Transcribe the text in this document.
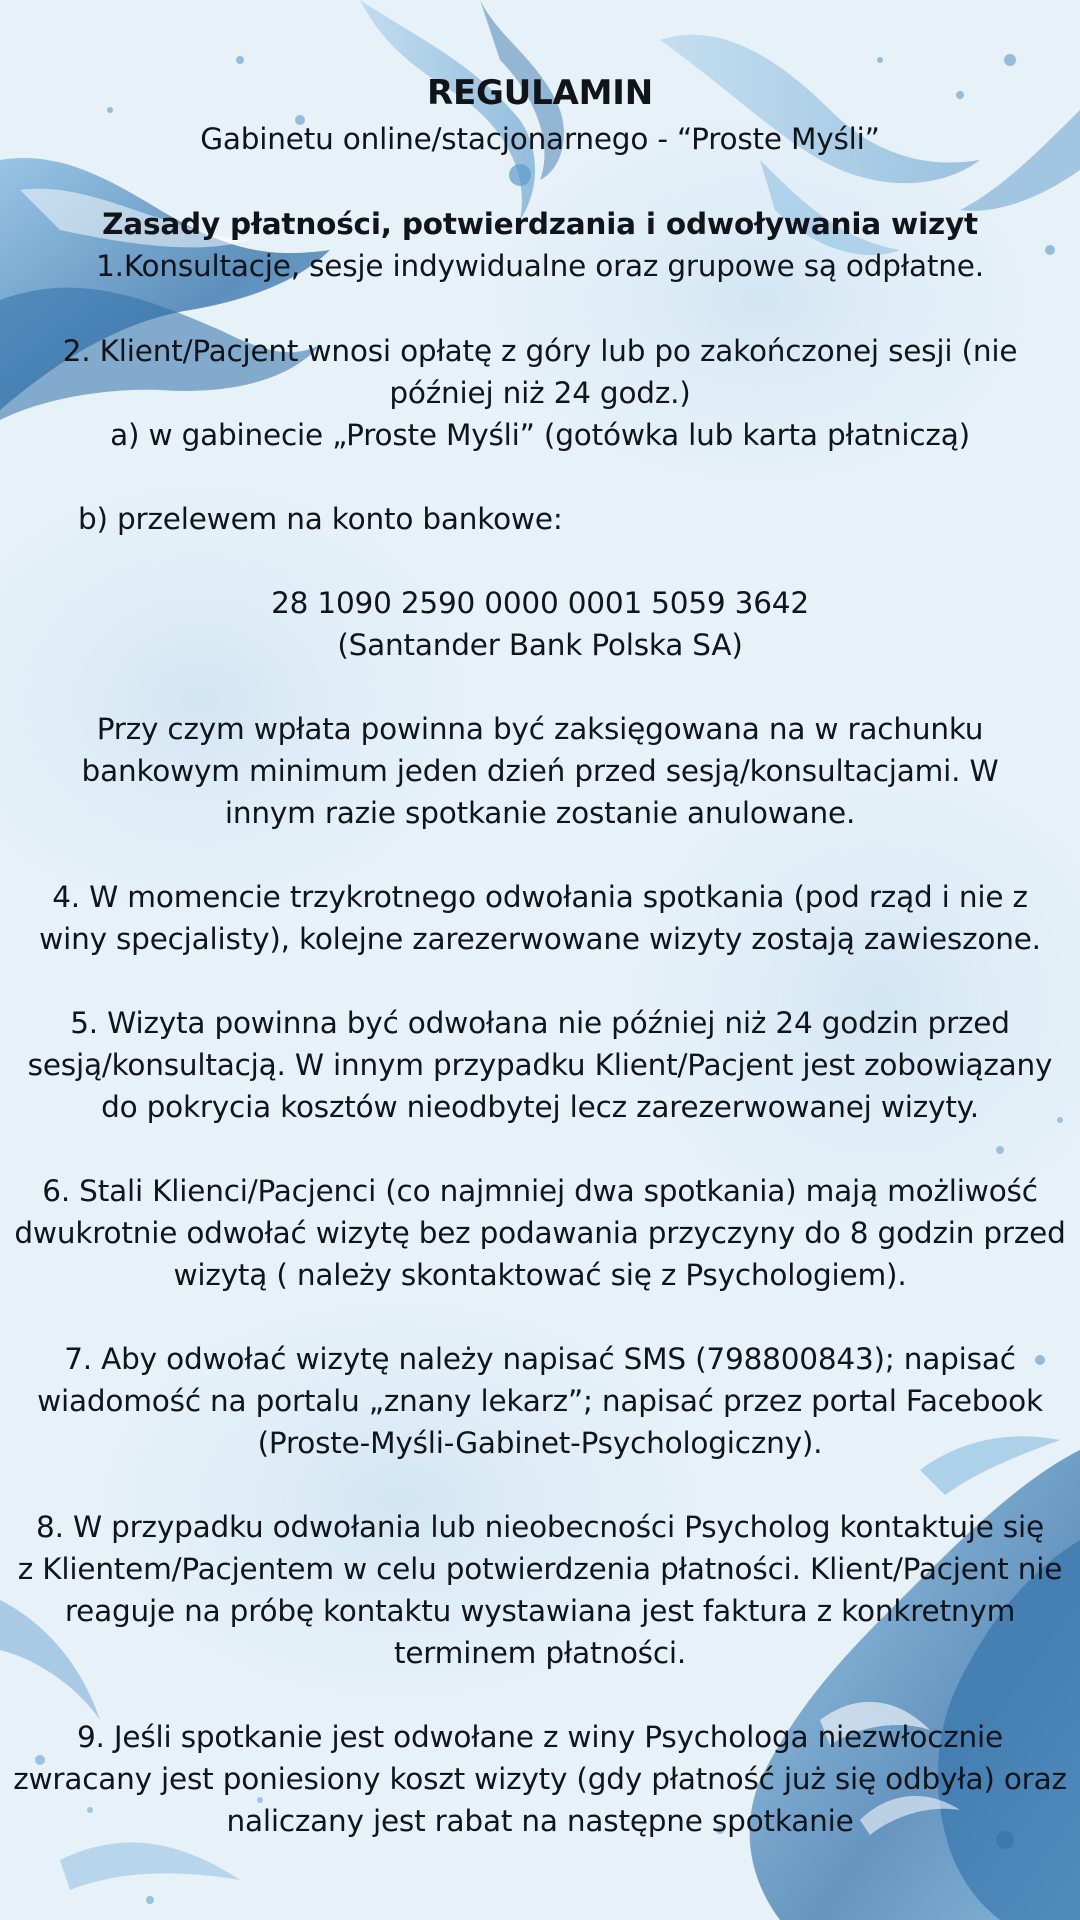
REGULAMIN
Gabinetu online/stacjonarnego - “Proste Myśli”
Zasady płatności, potwierdzania i odwoływania wizyt
1.Konsultacje, sesje indywidualne oraz grupowe są odpłatne.
2. Klient/Pacjent wnosi opłatę z góry lub po zakończonej sesji (nie
później niż 24 godz.)
a) w gabinecie „Proste Myśli” (gotówka lub karta płatniczą)
b) przelewem na konto bankowe:
28 1090 2590 0000 0001 5059 3642
(Santander Bank Polska SA)
Przy czym wpłata powinna być zaksięgowana na w rachunku
bankowym minimum jeden dzień przed sesją/konsultacjami. W
innym razie spotkanie zostanie anulowane.
4. W momencie trzykrotnego odwołania spotkania (pod rząd i nie z
winy specjalisty), kolejne zarezerwowane wizyty zostają zawieszone.
5. Wizyta powinna być odwołana nie później niż 24 godzin przed
sesją/konsultacją. W innym przypadku Klient/Pacjent jest zobowiązany
do pokrycia kosztów nieodbytej lecz zarezerwowanej wizyty.
6. Stali Klienci/Pacjenci (co najmniej dwa spotkania) mają możliwość
dwukrotnie odwołać wizytę bez podawania przyczyny do 8 godzin przed
wizytą ( należy skontaktować się z Psychologiem).
7. Aby odwołać wizytę należy napisać SMS (798800843); napisać
wiadomość na portalu „znany lekarz”; napisać przez portal Facebook
(Proste-Myśli-Gabinet-Psychologiczny).
8. W przypadku odwołania lub nieobecności Psycholog kontaktuje się
z Klientem/Pacjentem w celu potwierdzenia płatności. Klient/Pacjent nie
reaguje na próbę kontaktu wystawiana jest faktura z konkretnym
terminem płatności.
9. Jeśli spotkanie jest odwołane z winy Psychologa niezwłocznie
zwracany jest poniesiony koszt wizyty (gdy płatność już się odbyła) oraz
naliczany jest rabat na następne spotkanie
